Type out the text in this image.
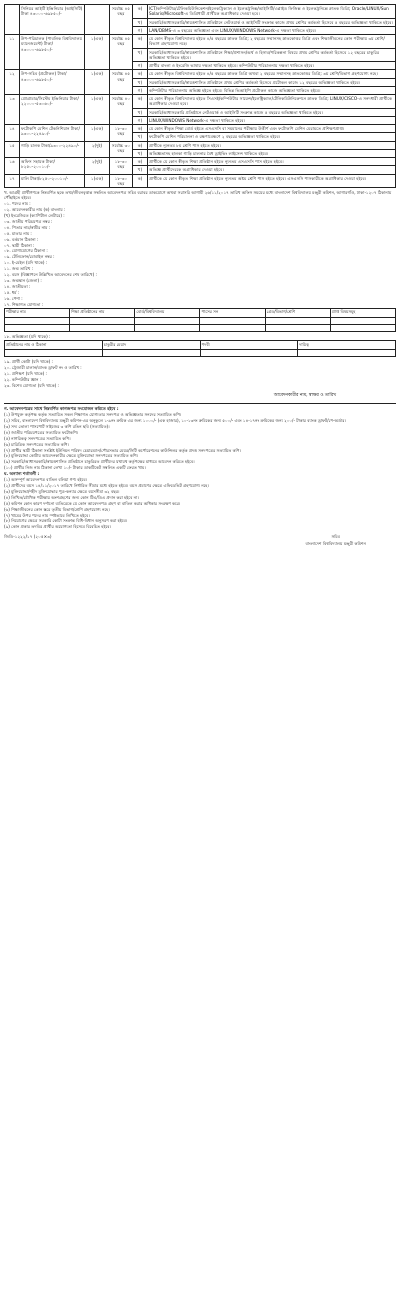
	সিনিয়র আইটি ইঞ্জিনিয়ার (আইসিটি) টাকা ৪৩০০০-৬৯৮৫০/-		সর্বোচ্চ ৪৫ বছর	ক)	ICT/কম্পিউটার/টেলিকমিউনিকেশন/ইলেকট্রিক্যাল ও ইলেকট্রনিক্স/আইসিটি/এপ্লাইড ফিজিক্স ও ইলেকট্রনিক্সে স্নাতক ডিগ্রি; Oracle/LINUX/Sun Solaris/Microsoft-এ ডিগ্রিধারী প্রার্থীকে অগ্রাধিকার দেওয়া হবে।
				খ)	সরকারি/আধাসরকারি/স্বায়ত্তশাসিত প্রতিষ্ঠানে নেটওয়ার্ক ও আইসিটি সংক্রান্ত কাজে প্রথম শ্রেণির কর্মকর্তা হিসেবে ৫ বছরের অভিজ্ঞতা থাকিতে হইবে।
				গ)	LAN/DBMS-এ ৩ বছরের অভিজ্ঞতা এবং LINUX/WINDOWS Network-এ দক্ষতা থাকিতে হইবে।
১১	উপ-পরিচালক (পাবলিক বিশ্ববিদ্যালয় ম্যানেজমেন্ট) টাকা/৪৩০০০-৬৯৮৫০/-	১(এক)	সর্বোচ্চ ৪৫ বছর	ক)	যে কোন স্বীকৃত বিশ্ববিদ্যালয় হইতে ৪/৫ বছরের স্নাতক ডিগ্রি; ২ বছরের সম্মানসহ স্নাতকোত্তর ডিগ্রি এবং শিক্ষাজীবনের কোন পরীক্ষায় ৩য় শ্রেণি/বিভাগ গ্রহণযোগ্য নহে।
				খ)	সরকারি/আধাসরকারি/স্বায়ত্তশাসিত প্রতিষ্ঠানে শিক্ষা/প্রশাসন/অর্থ ও হিসাব/পরিকল্পনা বিষয়ে প্রথম শ্রেণির কর্মকর্তা হিসেবে ১২ বছরের চাকুরির অভিজ্ঞতা থাকিতে হইবে।
				গ)	প্রার্থীর বাংলা ও ইংরেজি ভাষায় দক্ষতা থাকিতে হইবে। কম্পিউটার পরিচালনায় দক্ষতা থাকিতে হইবে।
১২	উপ-সচিব (প্রটোকল) টাকা/৪৩০০০-৬৯৮৫০/-	১(এক)	সর্বোচ্চ ৪৫ বছর	ক)	যে কোন স্বীকৃত বিশ্ববিদ্যালয় হইতে ৪/৫ বছরের স্নাতক ডিগ্রি অথবা ২ বছরের সম্মানসহ স্নাতকোত্তর ডিগ্রি; ৩য় শ্রেণি/বিভাগ গ্রহণযোগ্য নহে।
				খ)	সরকারি/আধাসরকারি/স্বায়ত্তশাসিত প্রতিষ্ঠানে প্রথম শ্রেণির কর্মকর্তা হিসেবে প্রটোকল কাজে ১২ বছরের অভিজ্ঞতা থাকিতে হইবে।
				গ)	কম্পিউটার পরিচালনায় অভিজ্ঞ হইতে হইবে। বিভিন্ন ভিআইপি প্রটোকল কাজে অভিজ্ঞতা থাকিতে হইবে।
১৩	প্রোগ্রামার/সিস্টেম ইঞ্জিনিয়ার টাকা/২২০০০-৫৩০৬০/-	১(এক)	সর্বোচ্চ ৪০ বছর	ক)	যে কোন স্বীকৃত বিশ্ববিদ্যালয় হইতে সিএসই/কম্পিউটার সায়েন্স/ইলেক্ট্রিক্যাল/টেলিকমিউনিকেশনে স্নাতক ডিগ্রি; LINUX/CISCO-এ সনদধারী প্রার্থীকে অগ্রাধিকার দেওয়া হবে।
				খ)	সরকারি/আধাসরকারি প্রতিষ্ঠানে নেটওয়ার্ক ও আইসিটি সংক্রান্ত কাজে ৫ বছরের অভিজ্ঞতা থাকিতে হইবে।
				গ)	LINUX/WINDOWS Network-এ দক্ষতা থাকিতে হইবে।
১৪	ফটোকপি মেশিন টেকনিশিয়ান টাকা/৯৩০০-২২৪৯০/-	১(এক)	১৮-৩০ বছর	ক)	যে কোন স্বীকৃত শিক্ষা বোর্ড হইতে এসএসসি বা সমমানের পরীক্ষায় উত্তীর্ণ এবং ফটোকপি মেশিন মেরামতে প্রশিক্ষণপ্রাপ্ত।
				খ)	ফটোকপি মেশিন পরিচালনা ও রক্ষণাবেক্ষণে ২ বছরের অভিজ্ঞতা থাকিতে হইবে।
১৫	গাড়ি চালক টাকা/৯৩০০-২২৪৯০/-	২(দুই)	সর্বোচ্চ ৩০ বছর	ক)	প্রার্থীকে ন্যূনতম ৮ম শ্রেণি পাস হইতে হইবে।
				খ)	অভিজ্ঞতাসহ হালকা গাড়ি চালনার বৈধ ড্রাইভিং লাইসেন্স থাকিতে হইবে।
১৬	অফিস সহায়ক টাকা/৮২৫০-২০০১০/-	২(দুই)	১৮-৩০ বছর	ক)	প্রার্থীকে যে কোন স্বীকৃত শিক্ষা প্রতিষ্ঠান হইতে ন্যূনতম এসএসসি পাস হইতে হইবে।
				খ)	অভিজ্ঞ প্রার্থীদেরকে অগ্রাধিকার দেওয়া হইবে।
১৭	মালি টাকা/৮২৫০-২০০১০/-	১(এক)	১৮-৩০ বছর	ক)	প্রার্থীকে যে কোন স্বীকৃত শিক্ষা প্রতিষ্ঠান হইতে ন্যূনতম অষ্টম শ্রেণি পাস হইতে হইবে। এসএসসি পাসকারীকে অগ্রাধিকার দেওয়া হইবে।

খ. আগ্রহী প্রার্থীগণকে নিম্নবর্ণিত ছকে তথ্য/জীবনবৃত্তান্ত সম্বলিত আবেদনপত্র সচিব বরাবর ডাকযোগে অথবা সরাসরি আগামী ২৬/১১/২০১৭ তারিখ অফিস সময়ের মধ্যে বাংলাদেশ বিশ্ববিদ্যালয় মঞ্জুরী কমিশন, আগারগাঁও, ঢাকা-১২০৭ ঠিকানায় পৌঁছাইতে হইবে।

০১. পদের নাম :

০২. আবেদনকারীর নাম (ক) বাংলায় :

(খ) ইংরেজিতে (ক্যাপিটাল লেটারে) :

০৩. জাতীয় পরিচয়পত্র নম্বর :

০৪. পিতার নাম/স্বামীর নাম :

০৫. মাতার নাম :

০৬. বর্তমান ঠিকানা :

০৭. স্থায়ী ঠিকানা :

০৮. যোগাযোগের ঠিকানা :

০৯. টেলিফোন/মোবাইল নম্বর :

১০. ই-মেইল (যদি থাকে) :

১১. জন্ম তারিখ :

১২. বয়স (বিজ্ঞাপনে উল্লিখিত আবেদনের শেষ তারিখে) :

১৩. জন্মস্থান (জেলা) :

১৪. জাতীয়তা :

১৫. ধর্ম :

১৬. পেশা :

১৭. শিক্ষাগত যোগ্যতা :

পরীক্ষার নাম	শিক্ষা প্রতিষ্ঠানের নাম	বোর্ড/বিশ্ববিদ্যালয়	পাসের সন	গ্রেড/বিভাগ/শ্রেণি	প্রাপ্ত বিষয়সমূহ

১৮. অভিজ্ঞতা (যদি থাকে) :

প্রতিষ্ঠানের নাম ও ঠিকানা	চাকুরীর মেয়াদ	পদবী	দায়িত্ব

১৯. প্রার্থী কোটা (যদি থাকে) :

২০. ট্রেজারী চালান/ব্যাংক ড্রাফট নং ও তারিখ :

২১. প্রশিক্ষণ (যদি থাকে) :

২২. কম্পিউটার জ্ঞান :

২৩. বিশেষ যোগ্যতা (যদি থাকে) :

আবেদনকারীর নাম, স্বাক্ষর ও তারিখ

গ. আবেদনপত্রের সাথে নিম্নবর্ণিত কাগজপত্র সংযোজন করিতে হইবে :

(১) উপযুক্ত কর্তৃপক্ষ কর্তৃক সত্যায়িত সকল শিক্ষাগত যোগ্যতার সনদপত্র ও অভিজ্ঞতার সনদের সত্যায়িত কপি।

(২) সচিব, বাংলাদেশ বিশ্ববিদ্যালয় মঞ্জুরী কমিশন-এর অনুকূলে ১-৯নং ক্রমিক এর জন্য ১০০০/- (এক হাজার), ১০-১৩নং ক্রমিকের জন্য ৫০০/- এবং ১৪-১৭নং ক্রমিকের জন্য ২০০/- টাকার ব্যাংক ড্রাফট/পে-অর্ডার।

(৩) সদ্য তোলা পাসপোর্ট সাইজের ৩ কপি রঙিন ছবি (সত্যায়িত)।

(৪) জাতীয় পরিচয়পত্রের সত্যায়িত ফটোকপি।

(৫) নাগরিকত্ব সনদপত্রের সত্যায়িত কপি।

(৬) চারিত্রিক সনদপত্রের সত্যায়িত কপি।

(৭) প্রার্থীর স্থায়ী ঠিকানা সংশ্লিষ্ট ইউনিয়ন পরিষদ চেয়ারম্যান/পৌরসভার মেয়র/সিটি কর্পোরেশনের কাউন্সিলর কর্তৃক প্রদত্ত সনদপত্রের সত্যায়িত কপি।

(৮) মুক্তিযোদ্ধা কোটায় আবেদনকারীর ক্ষেত্রে মুক্তিযোদ্ধা সনদপত্রের সত্যায়িত কপি।

(৯) সরকারি/আধাসরকারি/স্বায়ত্তশাসিত প্রতিষ্ঠানে চাকুরিরত প্রার্থীদের যথাযথ কর্তৃপক্ষের মাধ্যমে আবেদন করিতে হইবে।

(১০) প্রার্থীর নিজ নাম ঠিকানা লেখা ১০/- টাকার ডাকটিকেট সম্বলিত একটি ফেরত খাম।

ঘ. অন্যান্য শর্তাবলী :

(১) অসম্পূর্ণ আবেদনপত্র বাতিল বলিয়া গণ্য হইবে।

(২) প্রার্থীদের বয়স ১৪/১১/২০১৭ তারিখে নির্ধারিত সীমার মধ্যে হইতে হইবে। বয়স প্রমাণের ক্ষেত্রে এফিডেভিট গ্রহণযোগ্য নহে।

(৩) মুক্তিযোদ্ধা/শহীদ মুক্তিযোদ্ধার পুত্র-কন্যার ক্ষেত্রে বয়সসীমা ৩২ বছর।

(৪) লিখিত/মৌখিক পরীক্ষায় অংশগ্রহণের জন্য কোন টিএ/ডিএ প্রদান করা হইবে না।

(৫) কমিশন কোন কারণ দর্শানো ব্যতিরেকে যে কোন আবেদনপত্র গ্রহণ বা বাতিল করার অধিকার সংরক্ষণ করে।

(৬) শিক্ষাজীবনের কোন স্তরে তৃতীয় বিভাগ/শ্রেণি গ্রহণযোগ্য নহে।

(৭) খামের উপর পদের নাম স্পষ্টভাবে লিখিতে হইবে।

(৮) নিয়োগের ক্ষেত্রে সরকারি কোটা সংক্রান্ত বিধি-বিধান অনুসরণ করা হইবে।

(৯) কোন প্রকার তদবির প্রার্থীর অযোগ্যতা হিসেবে বিবেচিত হইবে।

জিডি-১২২২/১৭ (২০৫×৩)	সচিব
বাংলাদেশ বিশ্ববিদ্যালয় মঞ্জুরী কমিশন
